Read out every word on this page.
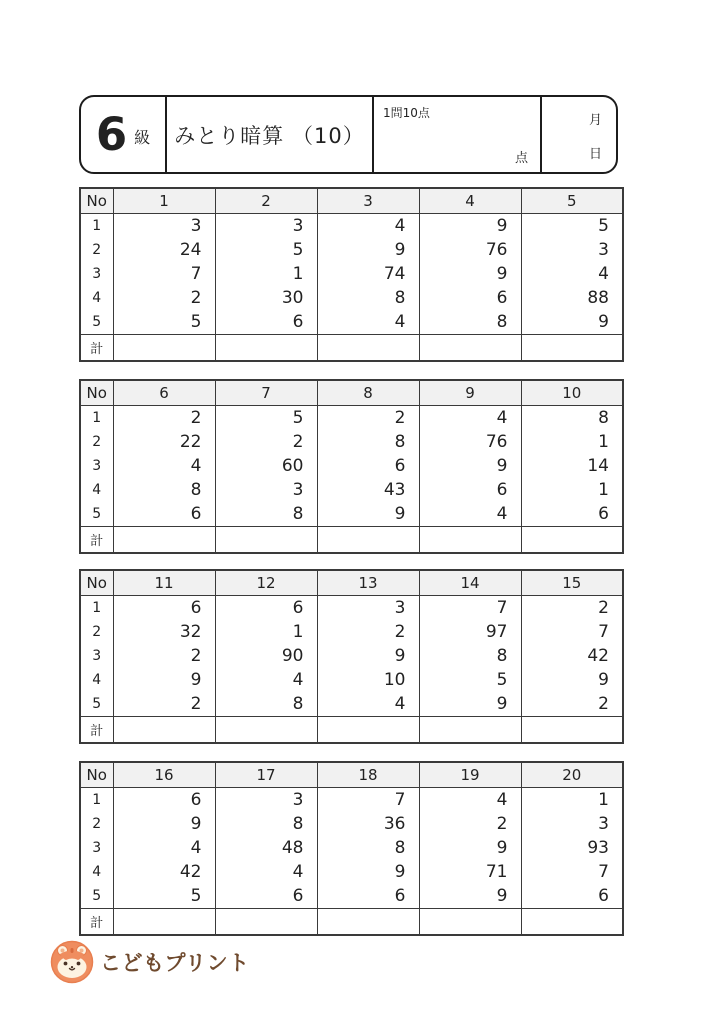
6 級	みとり暗算 （10）
1問10点
点
月
日
No	1	2	3	4	5
1	3	3	4	9	5
2	24	5	9	76	3
3	7	1	74	9	4
4	2	30	8	6	88
5	5	6	4	8	9
計					
No	6	7	8	9	10
1	2	5	2	4	8
2	22	2	8	76	1
3	4	60	6	9	14
4	8	3	43	6	1
5	6	8	9	4	6
計					
No	11	12	13	14	15
1	6	6	3	7	2
2	32	1	2	97	7
3	2	90	9	8	42
4	9	4	10	5	9
5	2	8	4	9	2
計					
No	16	17	18	19	20
1	6	3	7	4	1
2	9	8	36	2	3
3	4	48	8	9	93
4	42	4	9	71	7
5	5	6	6	9	6
計					
こどもプリント
